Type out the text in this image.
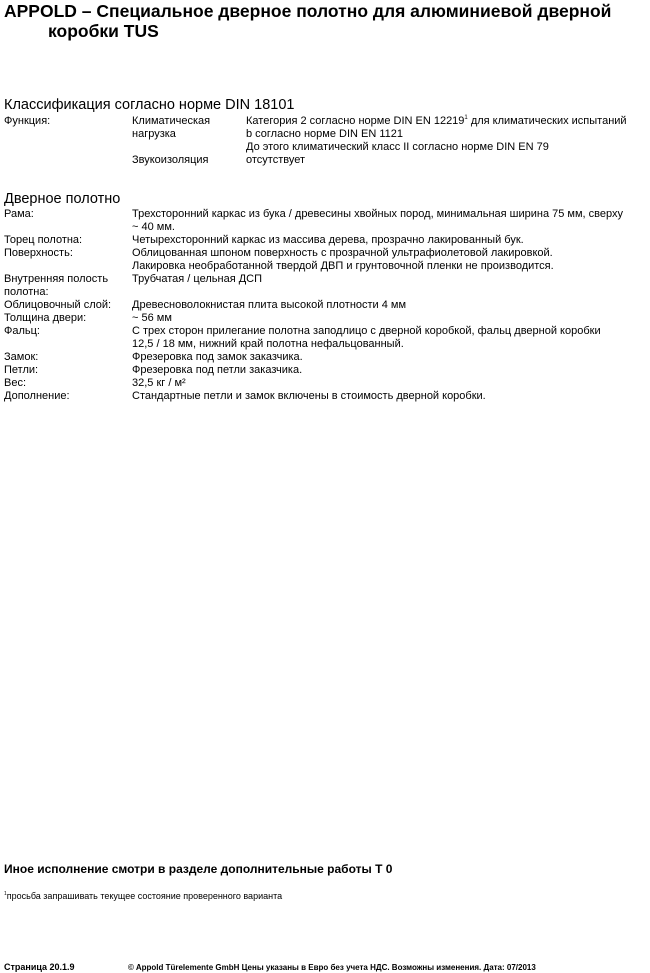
APPOLD – Специальное дверное полотно для алюминиевой дверной
коробки TUS
Классификация согласно норме DIN 18101
Функция:	Климатическая	Категория 2 согласно норме DIN EN 12219$^1$ для климатических испытаний
нагрузка	b согласно норме DIN EN 1121
До этого климатический класс II согласно норме DIN EN 79
Звукоизоляция	отсутствует
Дверное полотно
Рама:	Трехсторонний каркас из бука / древесины хвойных пород, минимальная ширина 75 мм, сверху
~ 40 мм.
Торец полотна:	Четырехсторонний каркас из массива дерева, прозрачно лакированный бук.
Поверхность:	Облицованная шпоном поверхность с прозрачной ультрафиолетовой лакировкой.
Лакировка необработанной твердой ДВП и грунтовочной пленки не производится.
Внутренняя полость
полотна:
Трубчатая / цельная ДСП
Облицовочный слой:	Древесноволокнистая плита высокой плотности 4 мм
Толщина двери:	~ 56 мм
Фальц:	С трех сторон прилегание полотна заподлицо с дверной коробкой, фальц дверной коробки
12,5 / 18 мм, нижний край полотна нефальцованный.
Замок:	Фрезеровка под замок заказчика.
Петли:	Фрезеровка под петли заказчика.
Вес:	32,5 кг / м²
Дополнение:	Стандартные петли и замок включены в стоимость дверной коробки.
Иное исполнение смотри в разделе дополнительные работы Т 0
$^1$просьба запрашивать текущее состояние проверенного варианта
Страница 20.1.9	© Appold Türelemente GmbH Цены указаны в Евро без учета НДС. Возможны изменения. Дата: 07/2013
